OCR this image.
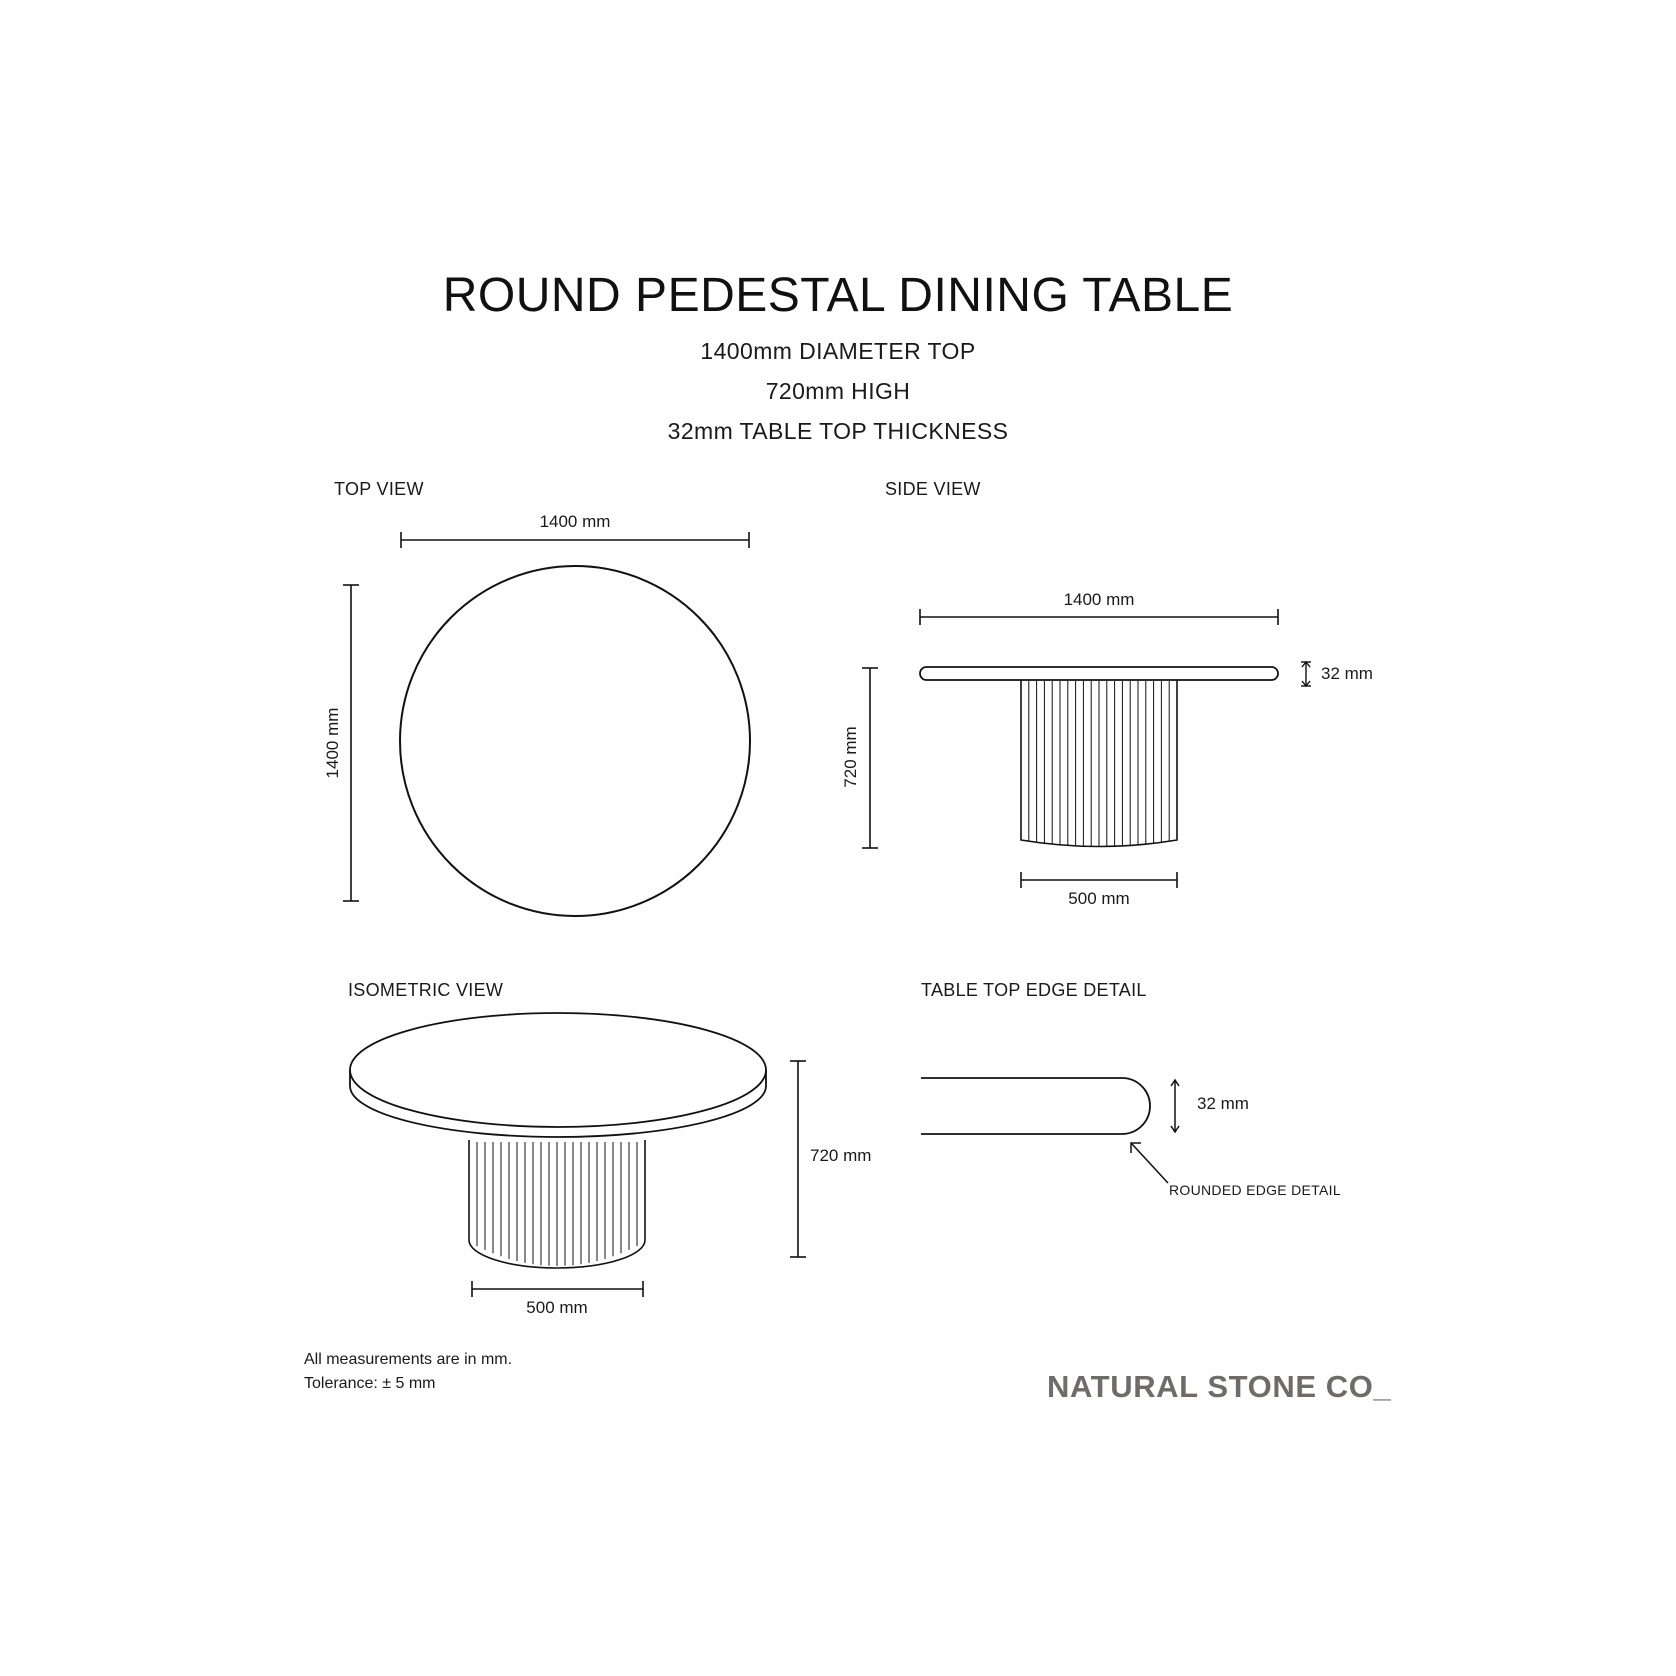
ROUND PEDESTAL DINING TABLE
1400mm DIAMETER TOP
720mm HIGH
32mm TABLE TOP THICKNESS
TOP VIEW	SIDE VIEW
ISOMETRIC VIEW	TABLE TOP EDGE DETAIL
1400 mm
1400 mm
1400 mm
720 mm
32 mm
500 mm
720 mm
500 mm
32 mm
ROUNDED EDGE DETAIL
All measurements are in mm.
Tolerance: ± 5 mm	NATURAL STONE CO_
